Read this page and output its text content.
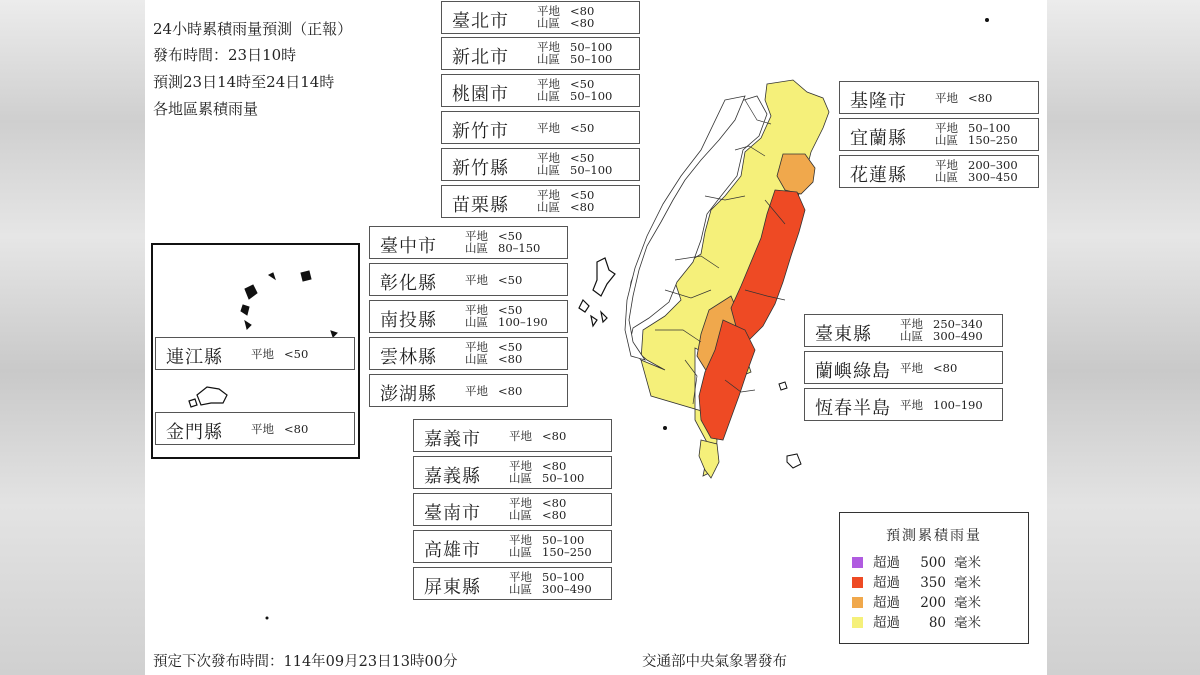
24小時累積雨量預測（正報）
發布時間：23日10時
預測23日14時至24日14時
各地區累積雨量
臺北市 平地
山區
<80
<80
新北市 平地
山區
50–100
50–100
桃園市 平地
山區
<50
50–100
新竹市 平地 <50
新竹縣 平地
山區
<50
50–100
苗栗縣 平地
山區
<50
<80
臺中市 平地
山區
<50
80–150
彰化縣 平地 <50
南投縣 平地
山區
<50
100–190
雲林縣 平地
山區
<50
<80
澎湖縣 平地 <80
嘉義市 平地 <80
嘉義縣 平地
山區
<80
50–100
臺南市 平地
山區
<80
<80
高雄市 平地
山區
50–100
150–250
屏東縣 平地
山區
50–100
300–490
基隆市 平地 <80
宜蘭縣 平地
山區
50–100
150–250
花蓮縣 平地
山區
200–300
300–450
臺東縣 平地
山區
250–340
300–490
蘭嶼綠島 平地 <80
恆春半島 平地 100–190
連江縣 平地 <50
金門縣 平地 <80
預測累積雨量
超過 500 毫米
超過 350 毫米
超過 200 毫米
超過 80 毫米
預定下次發布時間：114年09月23日13時00分	交通部中央氣象署發布
